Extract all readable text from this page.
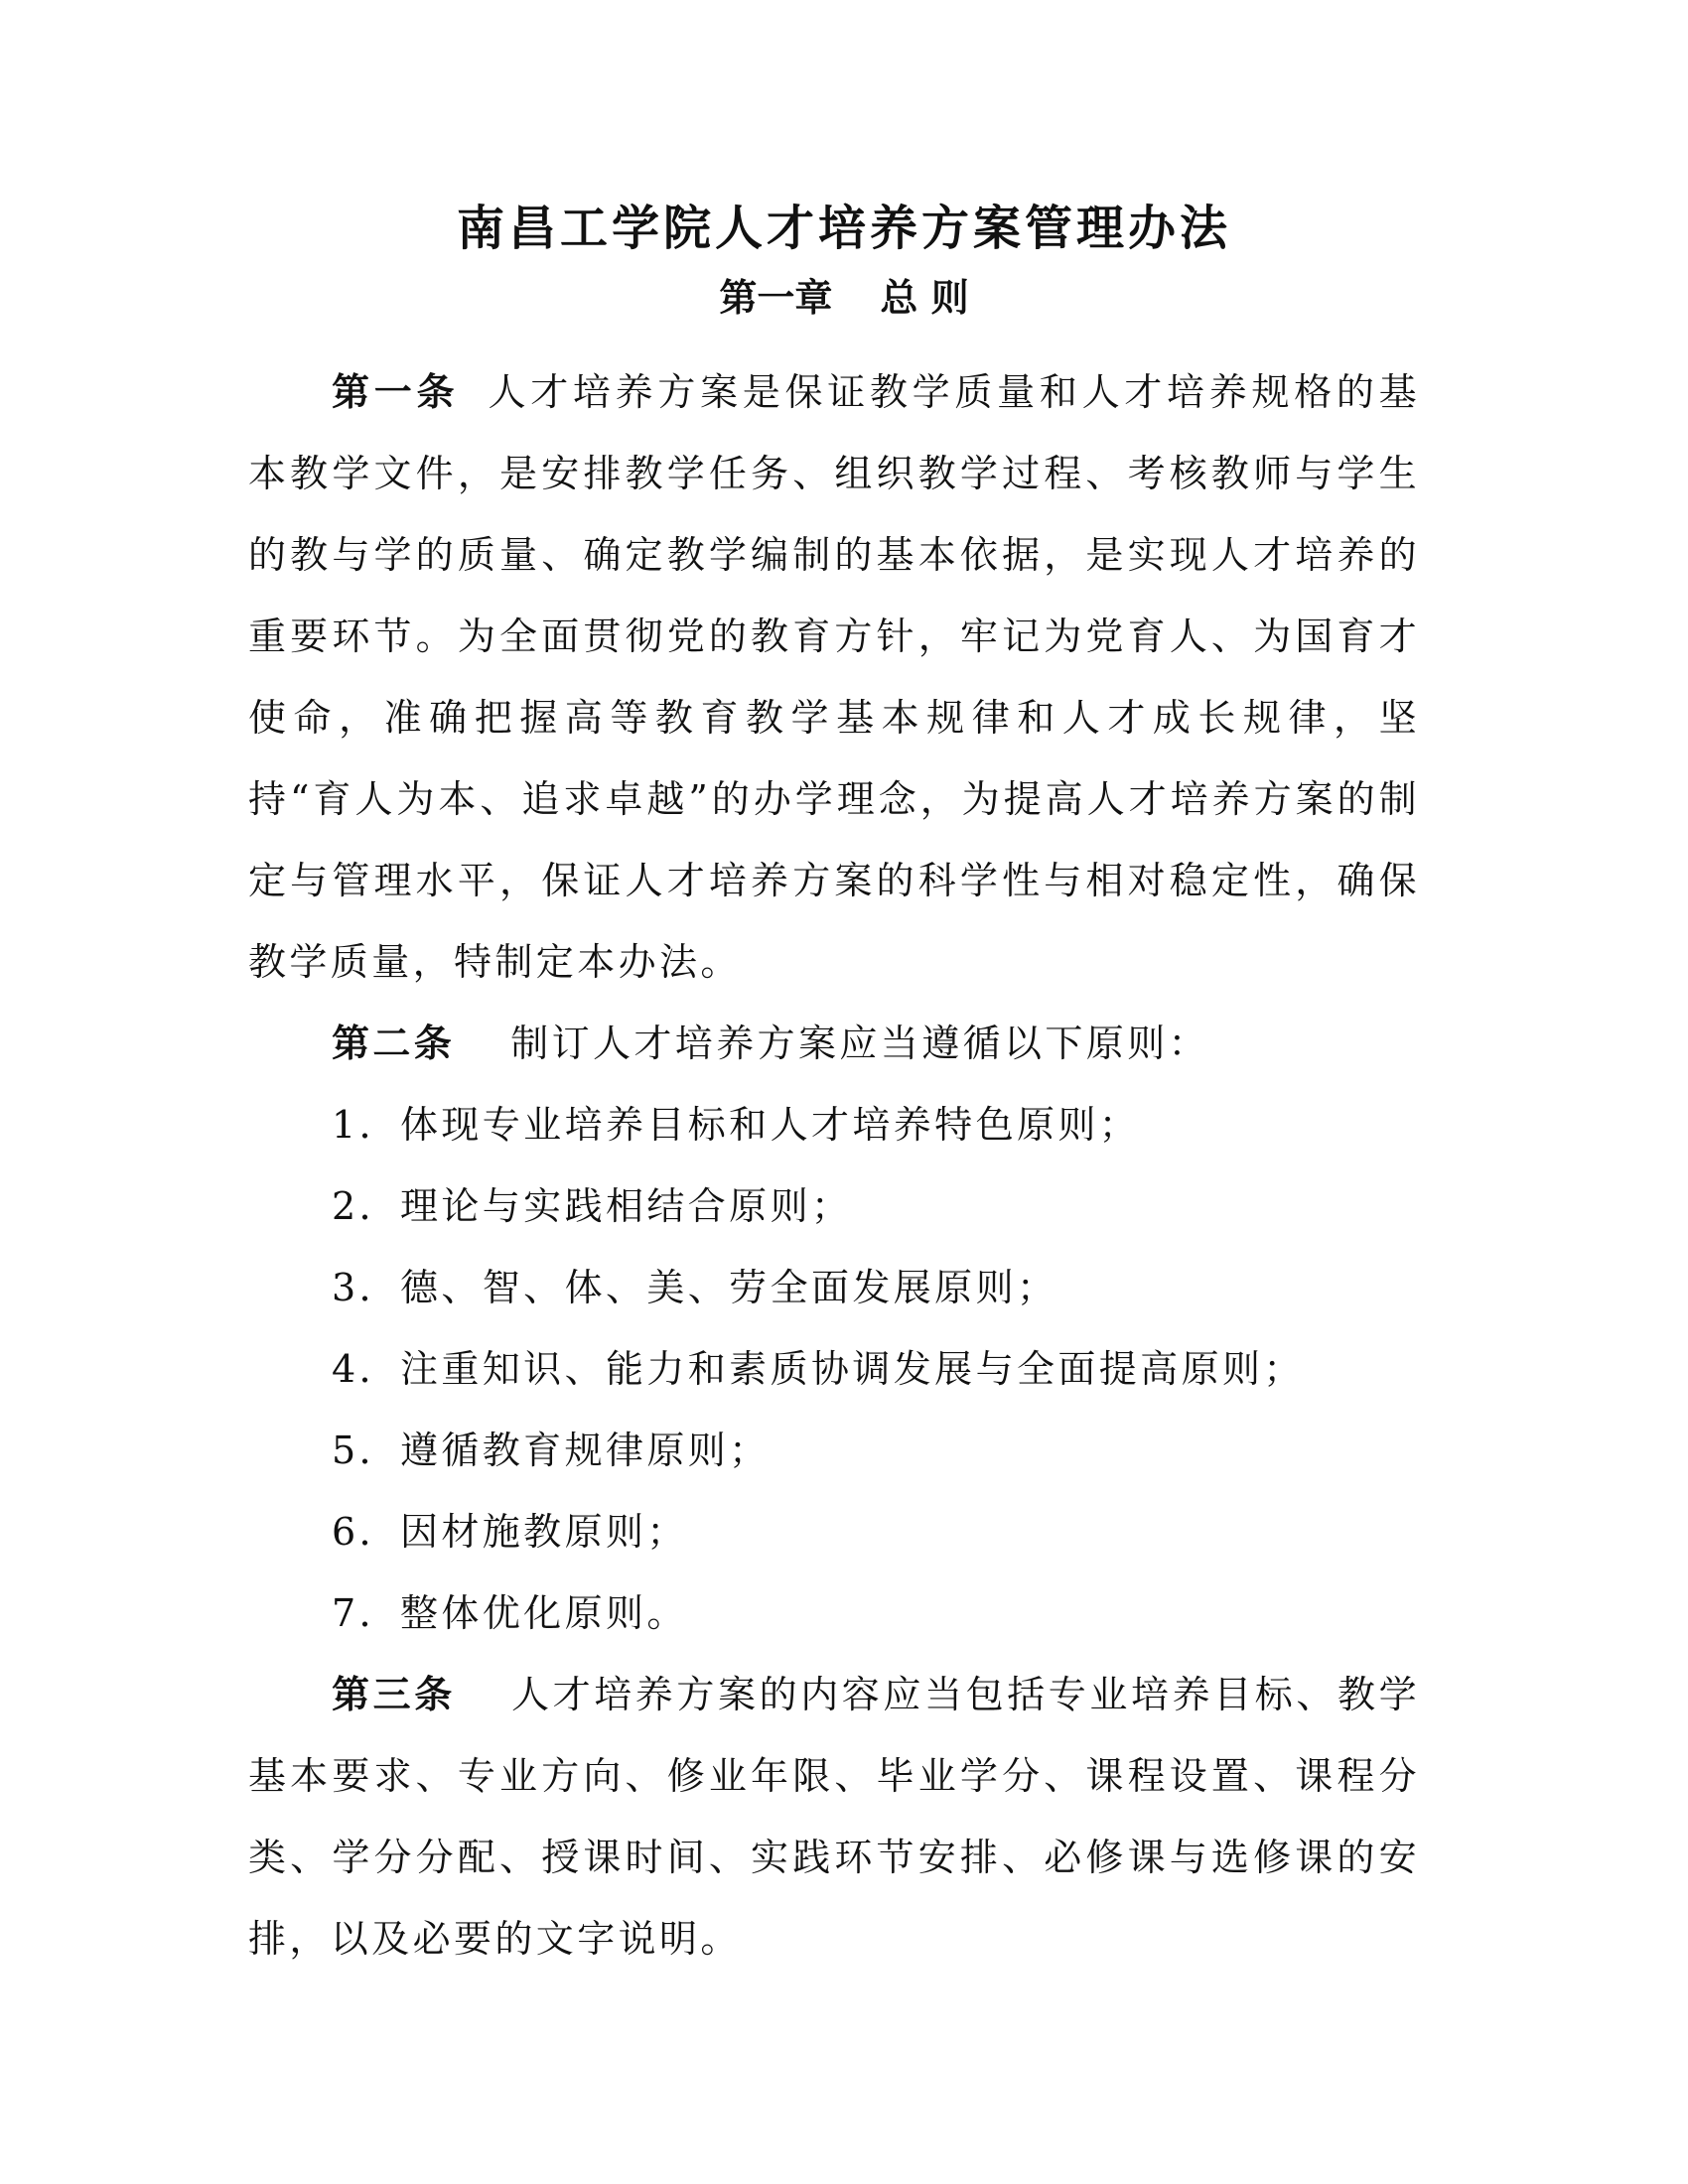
南昌工学院人才培养方案管理办法
第一章 总 则

第一条 人才培养方案是保证教学质量和人才培养规格的基本教学文件，是安排教学任务、组织教学过程、考核教师与学生的教与学的质量、确定教学编制的基本依据，是实现人才培养的重要环节。为全面贯彻党的教育方针，牢记为党育人、为国育才使命，准确把握高等教育教学基本规律和人才成长规律，坚持“育人为本、追求卓越”的办学理念，为提高人才培养方案的制定与管理水平，保证人才培养方案的科学性与相对稳定性，确保教学质量，特制定本办法。

第二条 制订人才培养方案应当遵循以下原则：

1．体现专业培养目标和人才培养特色原则；

2．理论与实践相结合原则；

3．德、智、体、美、劳全面发展原则；

4．注重知识、能力和素质协调发展与全面提高原则；

5．遵循教育规律原则；

6．因材施教原则；

7．整体优化原则。

第三条 人才培养方案的内容应当包括专业培养目标、教学基本要求、专业方向、修业年限、毕业学分、课程设置、课程分类、学分分配、授课时间、实践环节安排、必修课与选修课的安排，以及必要的文字说明。
